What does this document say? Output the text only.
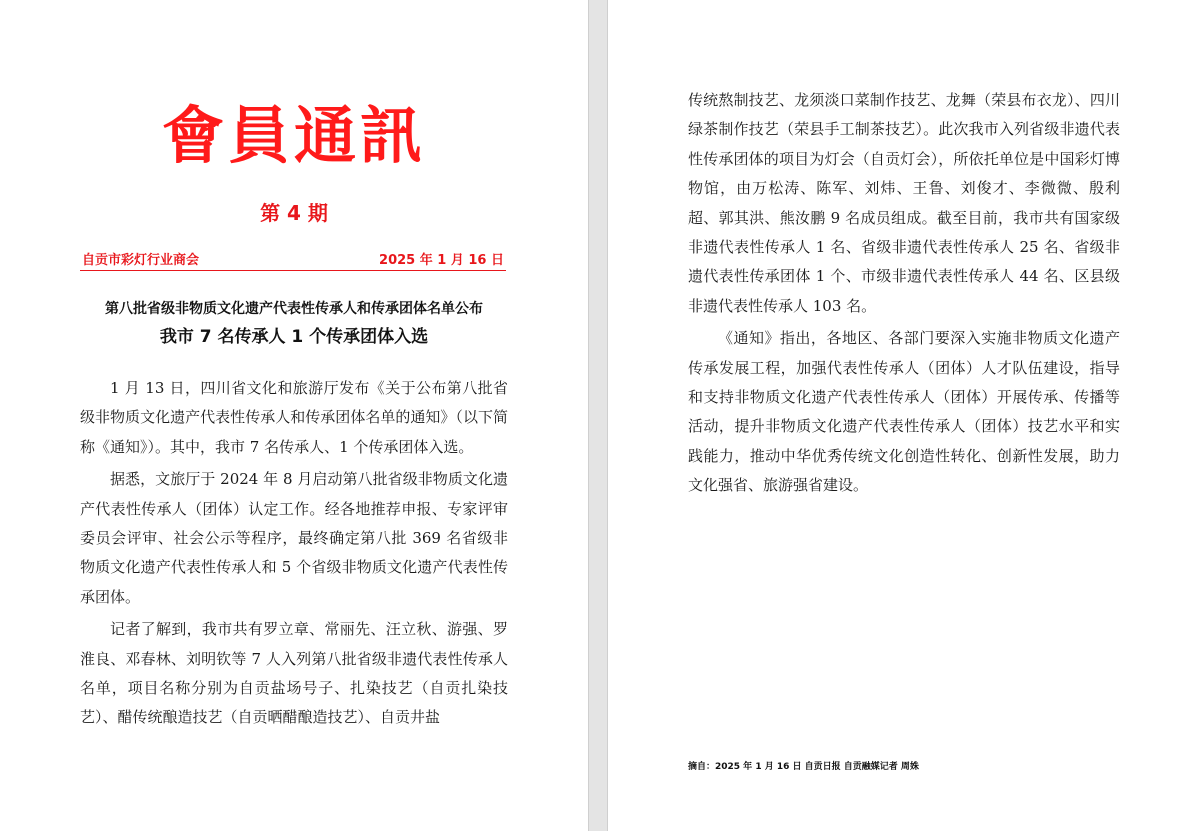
會員通訊
第 4 期
自贡市彩灯行业商会	2025 年 1 月 16 日
第八批省级非物质文化遗产代表性传承人和传承团体名单公布
我市 7 名传承人 1 个传承团体入选

1 月 13 日，四川省文化和旅游厅发布《关于公布第八批省级非物质文化遗产代表性传承人和传承团体名单的通知》（以下简称《通知》）。其中，我市 7 名传承人、1 个传承团体入选。

据悉，文旅厅于 2024 年 8 月启动第八批省级非物质文化遗产代表性传承人（团体）认定工作。经各地推荐申报、专家评审委员会评审、社会公示等程序，最终确定第八批 369 名省级非物质文化遗产代表性传承人和 5 个省级非物质文化遗产代表性传承团体。

记者了解到，我市共有罗立章、常丽先、汪立秋、游强、罗淮良、邓春林、刘明钦等 7 人入列第八批省级非遗代表性传承人名单，项目名称分别为自贡盐场号子、扎染技艺（自贡扎染技艺）、醋传统酿造技艺（自贡晒醋酿造技艺）、自贡井盐

传统熬制技艺、龙须淡口菜制作技艺、龙舞（荣县布衣龙）、四川绿茶制作技艺（荣县手工制茶技艺）。此次我市入列省级非遗代表性传承团体的项目为灯会（自贡灯会），所依托单位是中国彩灯博物馆，由万松涛、陈军、刘炜、王鲁、刘俊才、李微微、殷利超、郭其洪、熊汝鹏 9 名成员组成。截至目前，我市共有国家级非遗代表性传承人 1 名、省级非遗代表性传承人 25 名、省级非遗代表性传承团体 1 个、市级非遗代表性传承人 44 名、区县级非遗代表性传承人 103 名。

《通知》指出，各地区、各部门要深入实施非物质文化遗产传承发展工程，加强代表性传承人（团体）人才队伍建设，指导和支持非物质文化遗产代表性传承人（团体）开展传承、传播等活动，提升非物质文化遗产代表性传承人（团体）技艺水平和实践能力，推动中华优秀传统文化创造性转化、创新性发展，助力文化强省、旅游强省建设。

摘自：2025 年 1 月 16 日 自贡日报 自贡融媒记者 周姝
